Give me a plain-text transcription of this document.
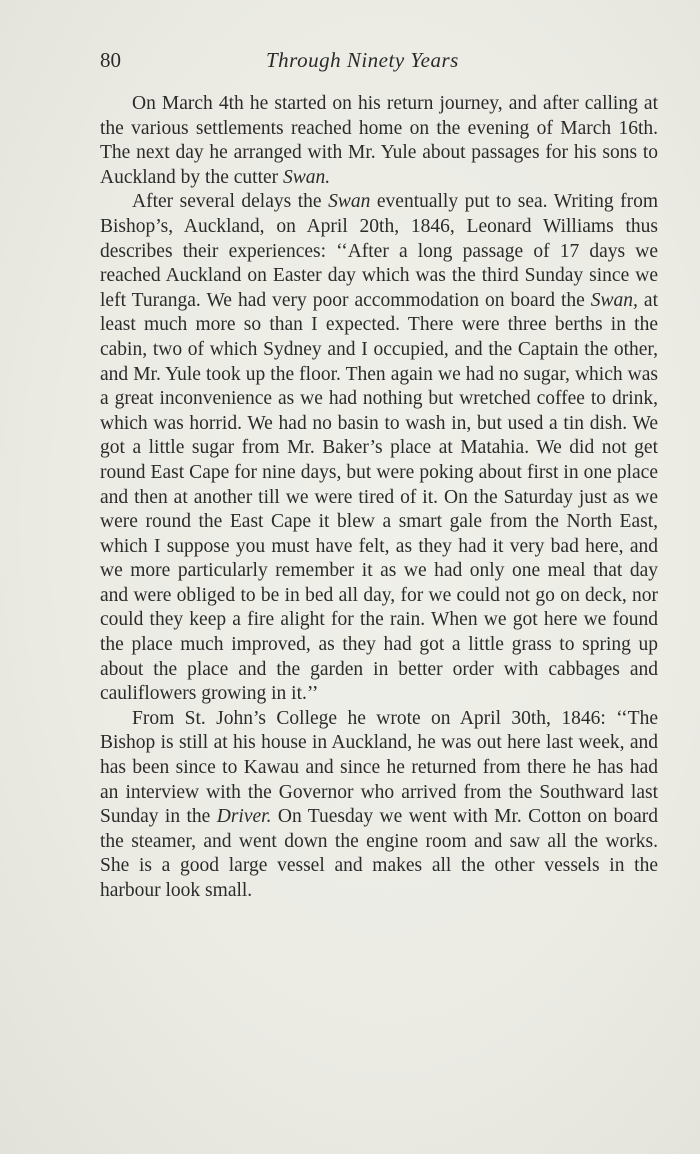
80	Through Ninety Years

On March 4th he started on his return journey, and after calling at the various settlements reached home on the evening of March 16th. The next day he arranged with Mr. Yule about passages for his sons to Auckland by the cutter Swan.

After several delays the Swan eventually put to sea. Writing from Bishop’s, Auckland, on April 20th, 1846, Leonard Williams thus describes their experiences: ‘‘After a long passage of 17 days we reached Auckland on Easter day which was the third Sunday since we left Turanga. We had very poor accommodation on board the Swan, at least much more so than I expected. There were three berths in the cabin, two of which Sydney and I occupied, and the Captain the other, and Mr. Yule took up the floor. Then again we had no sugar, which was a great inconvenience as we had nothing but wretched coffee to drink, which was horrid. We had no basin to wash in, but used a tin dish. We got a little sugar from Mr. Baker’s place at Matahia. We did not get round East Cape for nine days, but were poking about first in one place and then at another till we were tired of it. On the Saturday just as we were round the East Cape it blew a smart gale from the North East, which I suppose you must have felt, as they had it very bad here, and we more particularly remember it as we had only one meal that day and were obliged to be in bed all day, for we could not go on deck, nor could they keep a fire alight for the rain. When we got here we found the place much improved, as they had got a little grass to spring up about the place and the garden in better order with cabbages and cauliflowers growing in it.’’

From St. John’s College he wrote on April 30th, 1846: ‘‘The Bishop is still at his house in Auckland, he was out here last week, and has been since to Kawau and since he returned from there he has had an interview with the Governor who arrived from the Southward last Sunday in the Driver. On Tuesday we went with Mr. Cotton on board the steamer, and went down the engine room and saw all the works. She is a good large vessel and makes all the other vessels in the harbour look small.
